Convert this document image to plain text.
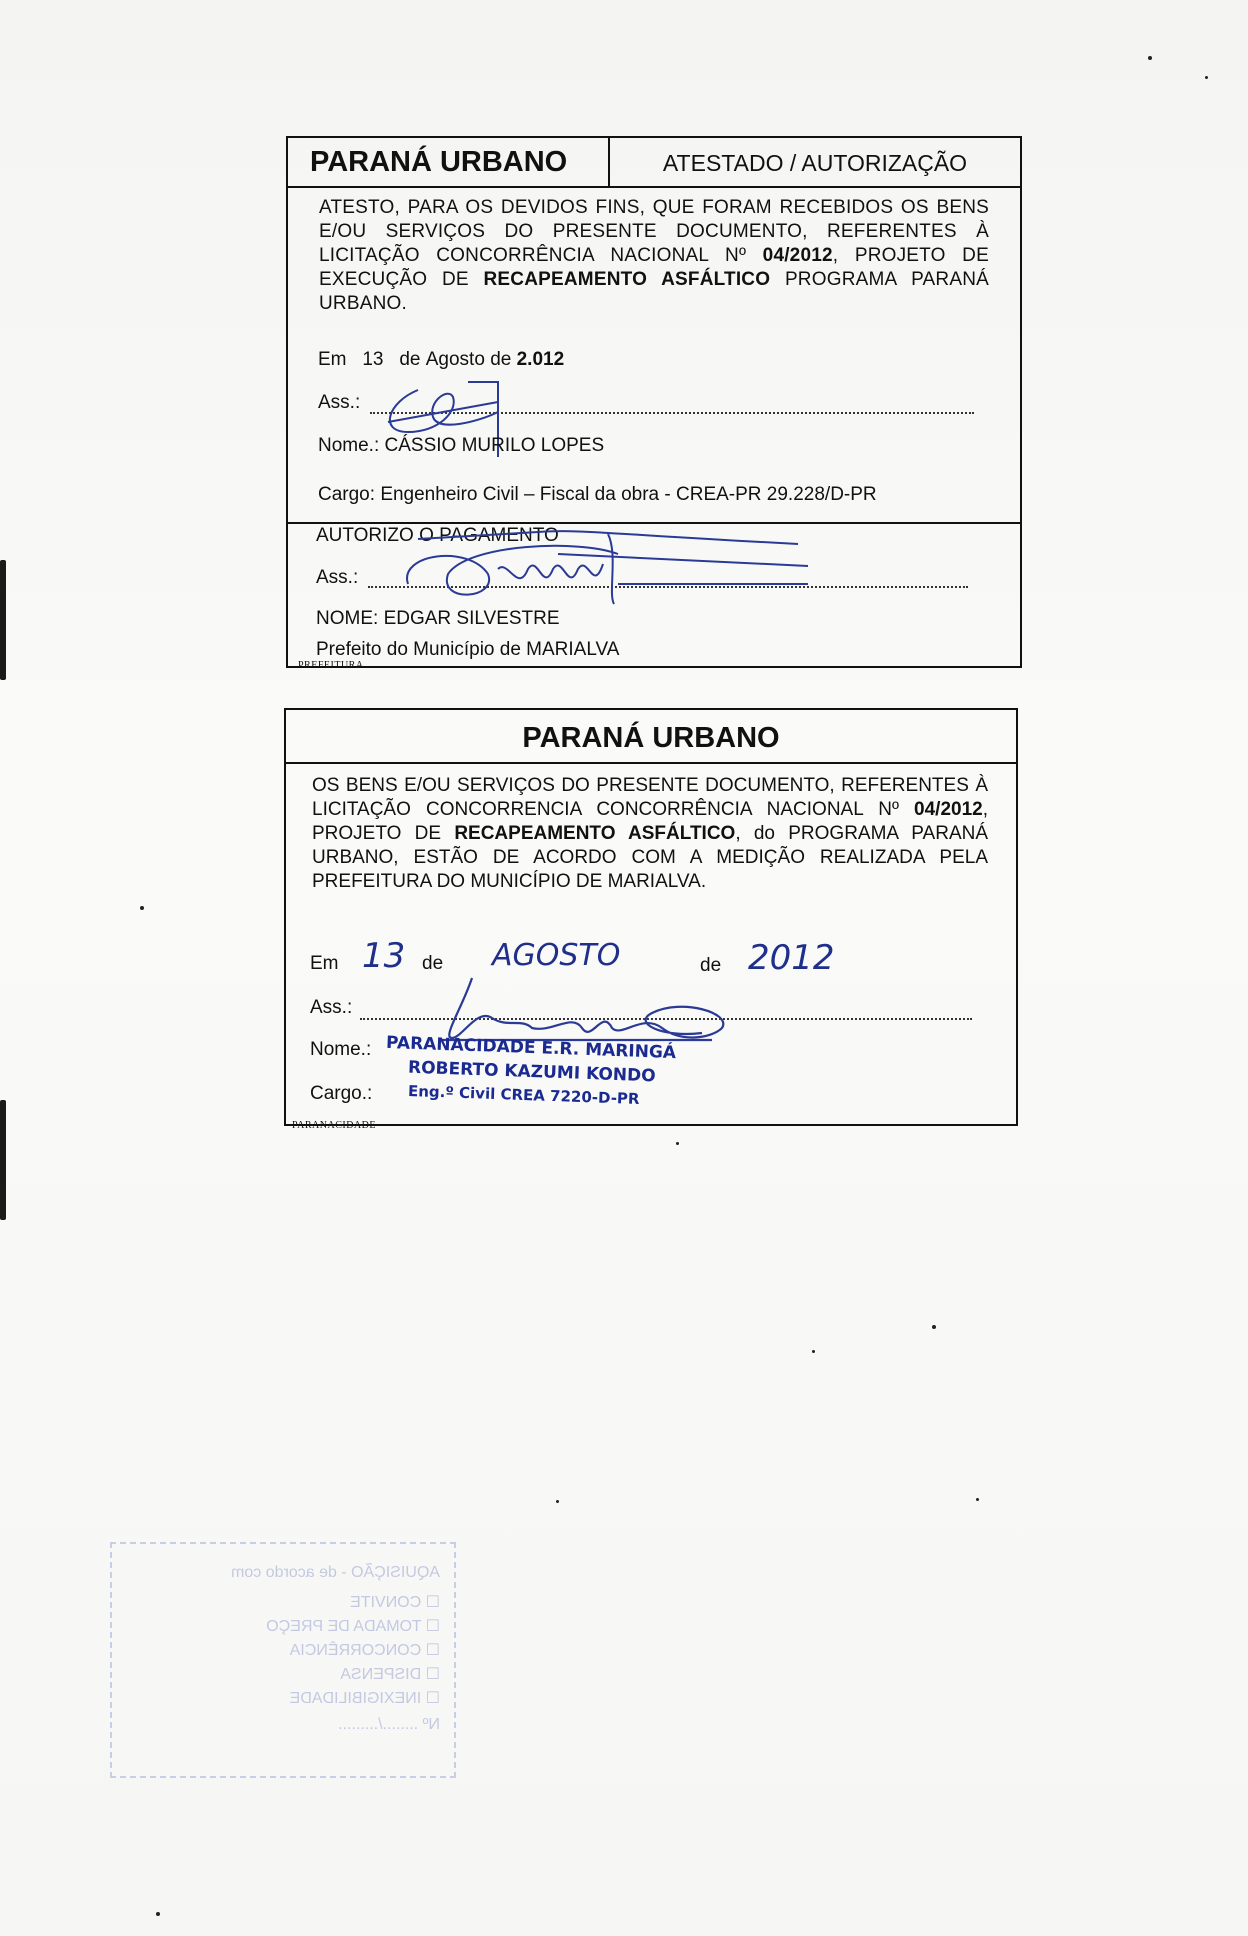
PARANÁ URBANO	ATESTADO / AUTORIZAÇÃO
ATESTO, PARA OS DEVIDOS FINS, QUE FORAM RECEBIDOS OS BENS E/OU SERVIÇOS DO PRESENTE DOCUMENTO, REFERENTES À LICITAÇÃO CONCORRÊNCIA NACIONAL Nº 04/2012, PROJETO DE EXECUÇÃO DE RECAPEAMENTO ASFÁLTICO PROGRAMA PARANÁ URBANO.
Em 13 de Agosto de 2.012
Ass.:
Nome.: CÁSSIO MURILO LOPES
Cargo: Engenheiro Civil – Fiscal da obra - CREA-PR 29.228/D-PR
AUTORIZO O PAGAMENTO
Ass.:
NOME: EDGAR SILVESTRE
Prefeito do Município de MARIALVA
PREFEITURA
PARANÁ URBANO
OS BENS E/OU SERVIÇOS DO PRESENTE DOCUMENTO, REFERENTES À LICITAÇÃO CONCORRENCIA CONCORRÊNCIA NACIONAL Nº 04/2012, PROJETO DE RECAPEAMENTO ASFÁLTICO, do PROGRAMA PARANÁ URBANO, ESTÃO DE ACORDO COM A MEDIÇÃO REALIZADA PELA PREFEITURA DO MUNICÍPIO DE MARIALVA.
Em 13 de AGOSTO	de 2012
Ass.:
Nome.: PARANACIDADE E.R. MARINGÁ
ROBERTO KAZUMI KONDO
Cargo.: Eng.º Civil CREA 7220-D-PR
PARANACIDADE
AQUISIÇÃO - de acordo com
☐ CONVITE
☐ TOMADA DE PREÇO
☐ CONCORRÊNCIA
☐ DISPENSA
☐ INEXIGIBILIDADE
Nº ......../.........
